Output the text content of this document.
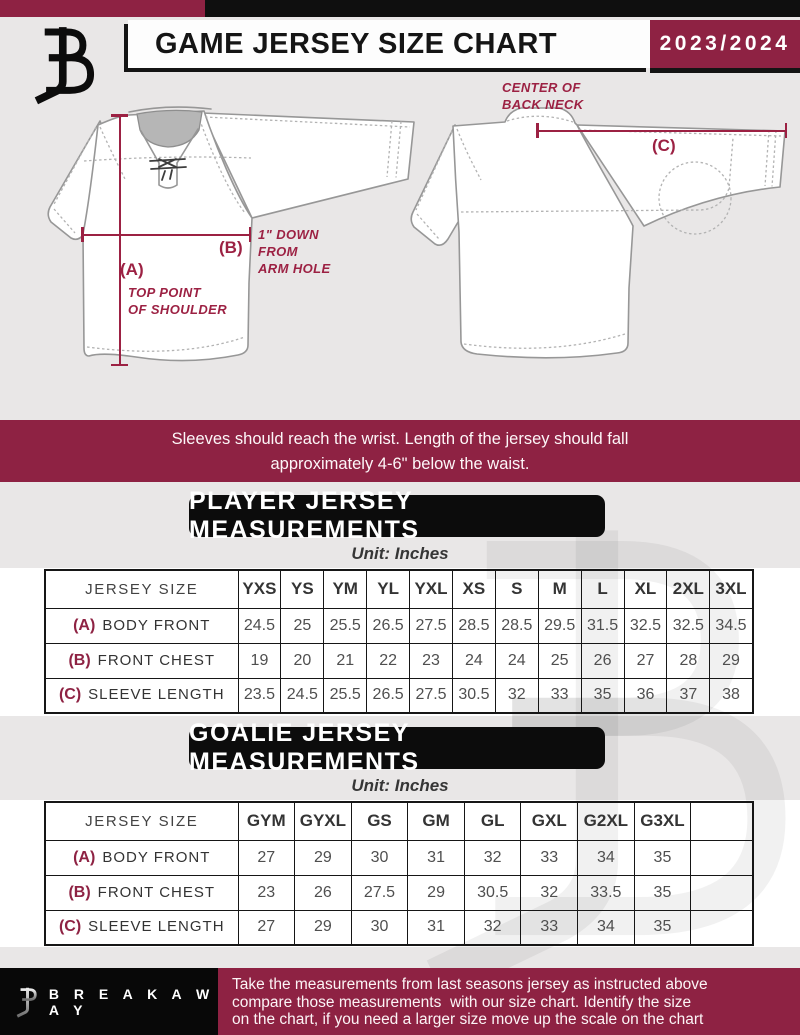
GAME JERSEY SIZE CHART	2023/2024
(A)
TOP POINT
OF SHOULDER
(B)
1" DOWN
FROM
ARM HOLE
CENTER OF
BACK NECK
(C)
Sleeves should reach the wrist. Length of the jersey should fall
approximately 4-6" below the waist.
PLAYER JERSEY MEASUREMENTS
Unit: Inches
JERSEY SIZE	YXS	YS	YM	YL	YXL	XS	S	M	L	XL	2XL	3XL
(A) BODY FRONT	24.5	25	25.5	26.5	27.5	28.5	28.5	29.5	31.5	32.5	32.5	34.5
(B) FRONT CHEST	19	20	21	22	23	24	24	25	26	27	28	29
(C) SLEEVE LENGTH	23.5	24.5	25.5	26.5	27.5	30.5	32	33	35	36	37	38
GOALIE JERSEY MEASUREMENTS
Unit: Inches
JERSEY SIZE	GYM	GYXL	GS	GM	GL	GXL	G2XL	G3XL	
(A) BODY FRONT	27	29	30	31	32	33	34	35	
(B) FRONT CHEST	23	26	27.5	29	30.5	32	33.5	35	
(C) SLEEVE LENGTH	27	29	30	31	32	33	34	35	
B R E A K A W A Y
Take the measurements from last seasons jersey as instructed above
compare those measurements  with our size chart. Identify the size
on the chart, if you need a larger size move up the scale on the chart
